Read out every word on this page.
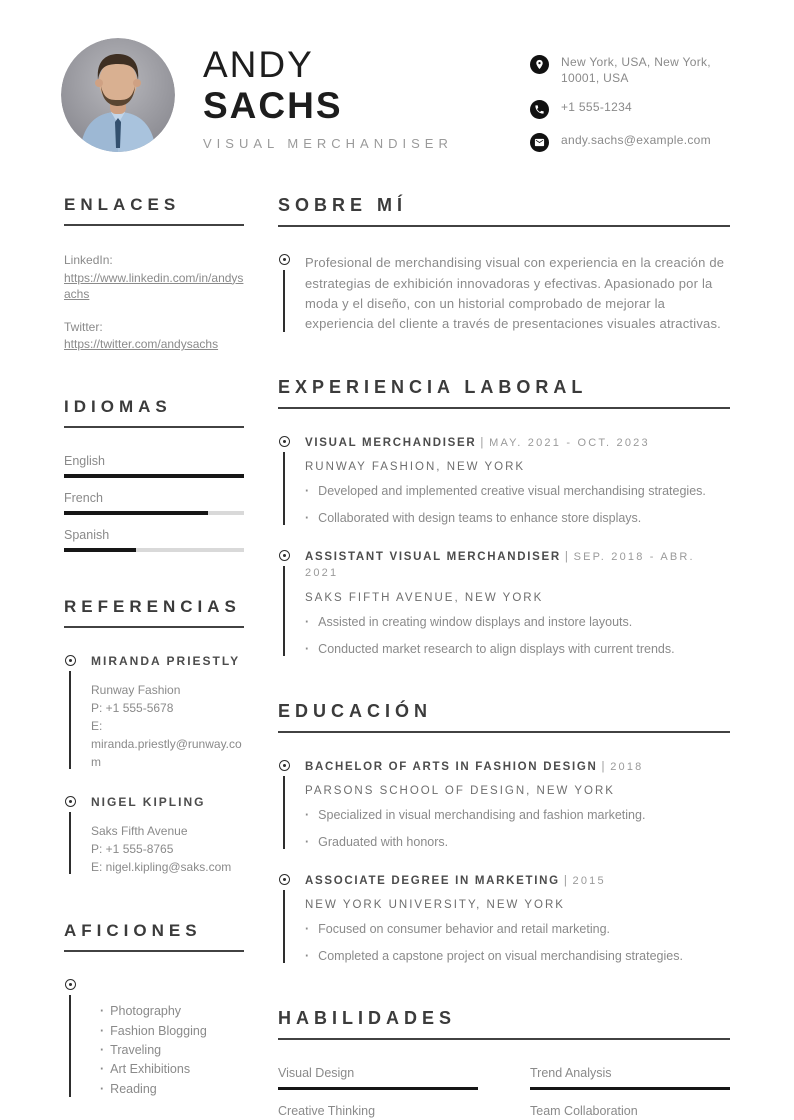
ANDY
SACHS
VISUAL MERCHANDISER
New York, USA, New York, 10001, USA
+1 555-1234
andy.sachs@example.com
ENLACES
LinkedIn:
https://www.linkedin.com/in/andysachs
Twitter:
https://twitter.com/andysachs
IDIOMAS
English
French
Spanish
REFERENCIAS
MIRANDA PRIESTLY
Runway Fashion
P: +1 555-5678
E: miranda.priestly@runway.com
NIGEL KIPLING
Saks Fifth Avenue
P: +1 555-8765
E: nigel.kipling@saks.com
AFICIONES
· Photography
· Fashion Blogging
· Traveling
· Art Exhibitions
· Reading
SOBRE MÍ

Profesional de merchandising visual con experiencia en la creación de estrategias de exhibición innovadoras y efectivas. Apasionado por la moda y el diseño, con un historial comprobado de mejorar la experiencia del cliente a través de presentaciones visuales atractivas.

EXPERIENCIA LABORAL
VISUAL MERCHANDISER | MAY. 2021 - OCT. 2023
RUNWAY FASHION, NEW YORK
· Developed and implemented creative visual merchandising strategies.
· Collaborated with design teams to enhance store displays.
ASSISTANT VISUAL MERCHANDISER | SEP. 2018 - ABR. 2021
SAKS FIFTH AVENUE, NEW YORK
· Assisted in creating window displays and instore layouts.
· Conducted market research to align displays with current trends.
EDUCACIÓN
BACHELOR OF ARTS IN FASHION DESIGN | 2018
PARSONS SCHOOL OF DESIGN, NEW YORK
· Specialized in visual merchandising and fashion marketing.
· Graduated with honors.
ASSOCIATE DEGREE IN MARKETING | 2015
NEW YORK UNIVERSITY, NEW YORK
· Focused on consumer behavior and retail marketing.
· Completed a capstone project on visual merchandising strategies.
HABILIDADES
Visual Design	Trend Analysis
Creative Thinking	Team Collaboration
